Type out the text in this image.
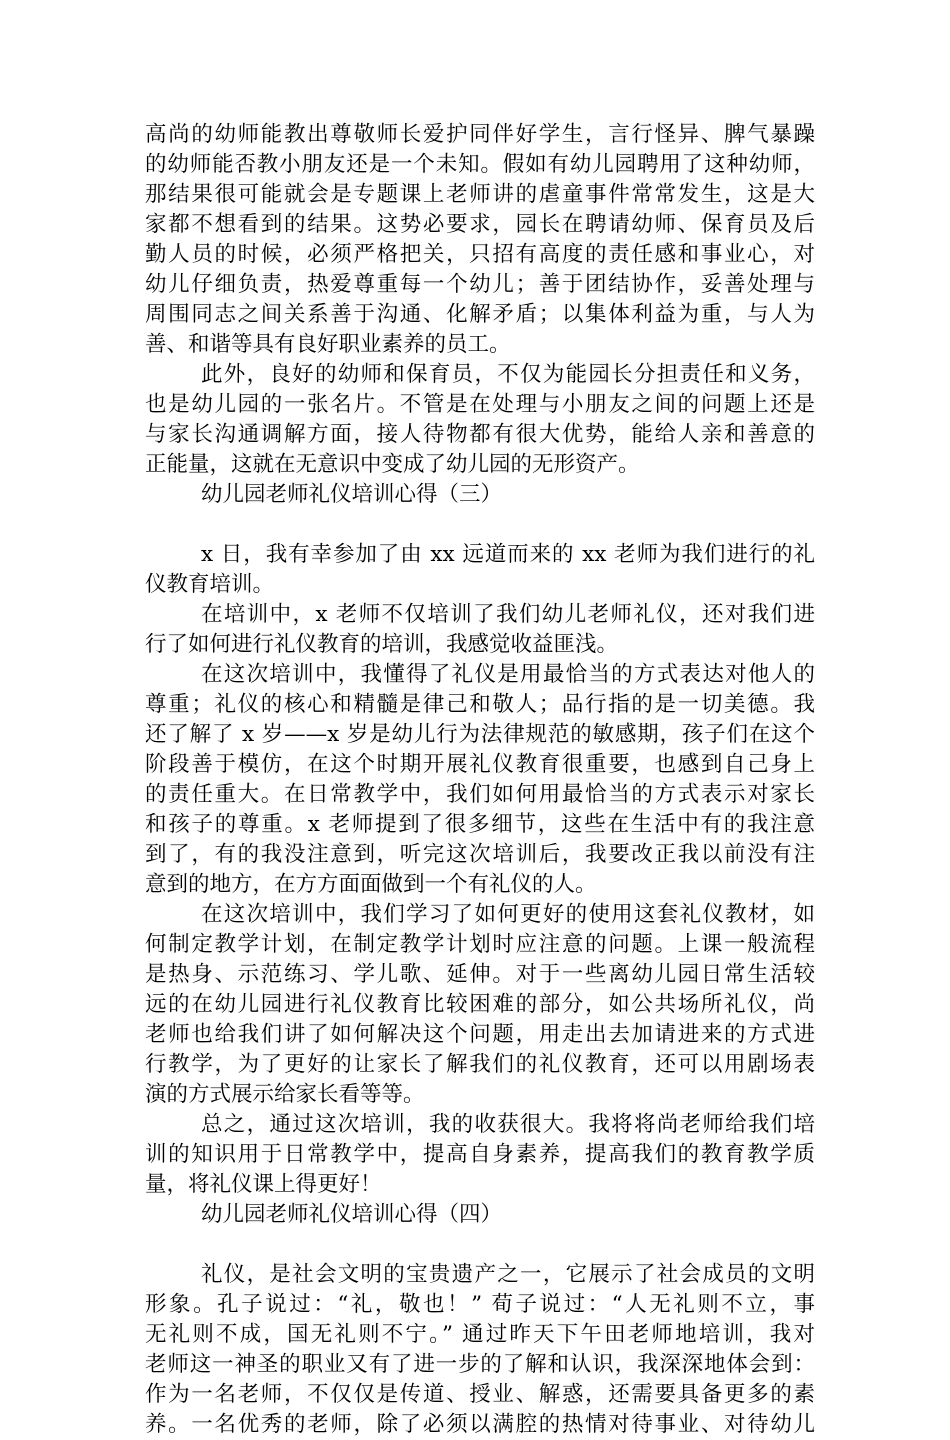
高尚的幼师能教出尊敬师长爱护同伴好学生，言行怪异、脾气暴躁
的幼师能否教小朋友还是一个未知。假如有幼儿园聘用了这种幼师，
那结果很可能就会是专题课上老师讲的虐童事件常常发生，这是大
家都不想看到的结果。这势必要求，园长在聘请幼师、保育员及后
勤人员的时候，必须严格把关，只招有高度的责任感和事业心，对
幼儿仔细负责，热爱尊重每一个幼儿；善于团结协作，妥善处理与
周围同志之间关系善于沟通、化解矛盾；以集体利益为重，与人为
善、和谐等具有良好职业素养的员工。
此外，良好的幼师和保育员，不仅为能园长分担责任和义务，
也是幼儿园的一张名片。不管是在处理与小朋友之间的问题上还是
与家长沟通调解方面，接人待物都有很大优势，能给人亲和善意的
正能量，这就在无意识中变成了幼儿园的无形资产。
幼儿园老师礼仪培训心得（三）
x 日，我有幸参加了由 xx 远道而来的 xx 老师为我们进行的礼
仪教育培训。
在培训中，x 老师不仅培训了我们幼儿老师礼仪，还对我们进
行了如何进行礼仪教育的培训，我感觉收益匪浅。
在这次培训中，我懂得了礼仪是用最恰当的方式表达对他人的
尊重；礼仪的核心和精髓是律己和敬人；品行指的是一切美德。我
还了解了 x 岁——x 岁是幼儿行为法律规范的敏感期，孩子们在这个
阶段善于模仿，在这个时期开展礼仪教育很重要，也感到自己身上
的责任重大。在日常教学中，我们如何用最恰当的方式表示对家长
和孩子的尊重。x 老师提到了很多细节，这些在生活中有的我注意
到了，有的我没注意到，听完这次培训后，我要改正我以前没有注
意到的地方，在方方面面做到一个有礼仪的人。
在这次培训中，我们学习了如何更好的使用这套礼仪教材，如
何制定教学计划，在制定教学计划时应注意的问题。上课一般流程
是热身、示范练习、学儿歌、延伸。对于一些离幼儿园日常生活较
远的在幼儿园进行礼仪教育比较困难的部分，如公共场所礼仪，尚
老师也给我们讲了如何解决这个问题，用走出去加请进来的方式进
行教学，为了更好的让家长了解我们的礼仪教育，还可以用剧场表
演的方式展示给家长看等等。
总之，通过这次培训，我的收获很大。我将将尚老师给我们培
训的知识用于日常教学中，提高自身素养，提高我们的教育教学质
量，将礼仪课上得更好！
幼儿园老师礼仪培训心得（四）
礼仪，是社会文明的宝贵遗产之一，它展示了社会成员的文明
形象。孔子说过：“礼，敬也！” 荀子说过：“人无礼则不立，事
无礼则不成，国无礼则不宁。” 通过昨天下午田老师地培训，我对
老师这一神圣的职业又有了进一步的了解和认识，我深深地体会到：
作为一名老师，不仅仅是传道、授业、解惑，还需要具备更多的素
养。一名优秀的老师，除了必须以满腔的热情对待事业、对待幼儿
